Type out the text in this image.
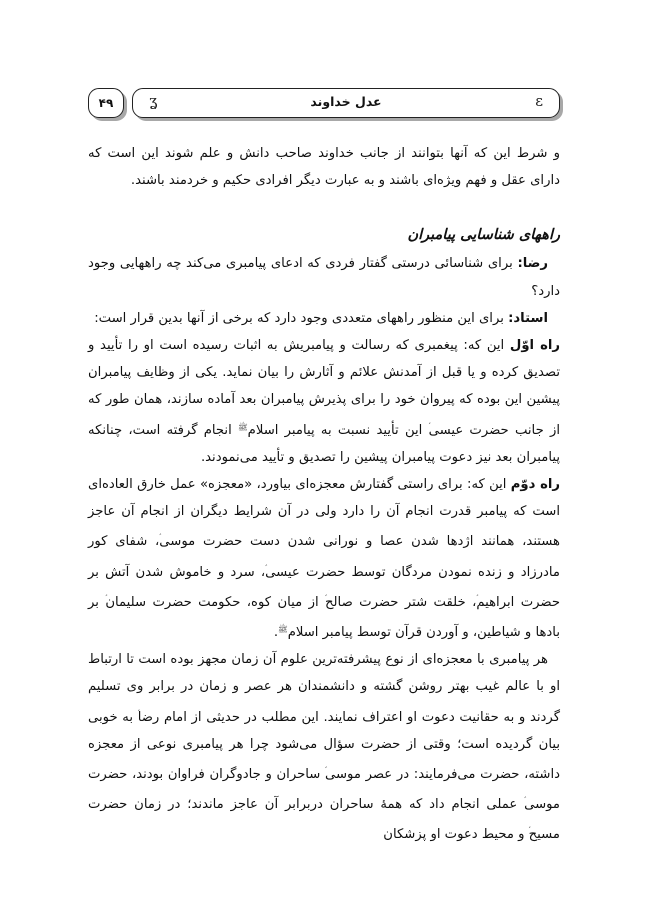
۴۹ ʓ	عدل خداوند	ɛ

و شرط این که آنها بتوانند از جانب خداوند صاحب دانش و علم شوند این است که دارای عقل و فهم ویژه‌ای باشند و به عبارت دیگر افرادی حکیم و خردمند باشند.

راههای شناسایی پیامبران

رضا: برای شناسائی درستی گفتار فردی که ادعای پیامبری می‌کند چه راههایی وجود دارد؟

استاد: برای این منظور راههای متعددی وجود دارد که برخی از آنها بدین قرار است:

راه اوّل این که: پیغمبری که رسالت و پیامبریش به اثبات رسیده است او را تأیید و تصدیق کرده و یا قبل از آمدنش علائم و آثارش را بیان نماید. یکی از وظایف پیامبران پیشین این بوده که پیروان خود را برای پذیرش پیامبران بعد آماده سازند، همان طور که از جانب حضرت عیسی این تأیید نسبت به پیامبر اسلام$^ﷺ$ انجام گرفته است، چنانکه پیامبران بعد نیز دعوت پیامبران پیشین را تصدیق و تأیید می‌نمودند.

راه دوّم این که: برای راستی گفتارش معجزه‌ای بیاورد، «معجزه» عمل خارق العاده‌ای است که پیامبر قدرت انجام آن را دارد ولی در آن شرایط دیگران از انجام آن عاجز هستند، همانند اژدها شدن عصا و نورانی شدن دست حضرت موسی، شفای کور مادرزاد و زنده نمودن مردگان توسط حضرت عیسی، سرد و خاموش شدن آتش بر حضرت ابراهیم، خلقت شتر حضرت صالح از میان کوه، حکومت حضرت سلیمان بر بادها و شیاطین، و آوردن قرآن توسط پیامبر اسلام$^ﷺ$.

هر پیامبری با معجزه‌ای از نوع پیشرفته‌ترین علوم آن زمان مجهز بوده است تا ارتباط او با عالم غیب بهتر روشن گشته و دانشمندان هر عصر و زمان در برابر وی تسلیم گردند و به حقانیت دعوت او اعتراف نمایند. این مطلب در حدیثی از امام رضا به خوبی بیان گردیده است؛ وقتی از حضرت سؤال می‌شود چرا هر پیامبری نوعی از معجزه داشته، حضرت می‌فرمایند: در عصر موسی ساحران و جادوگران فراوان بودند، حضرت موسی عملی انجام داد که همهٔ ساحران دربرابر آن عاجز ماندند؛ در زمان حضرت مسیح و محیط دعوت او پزشکان
